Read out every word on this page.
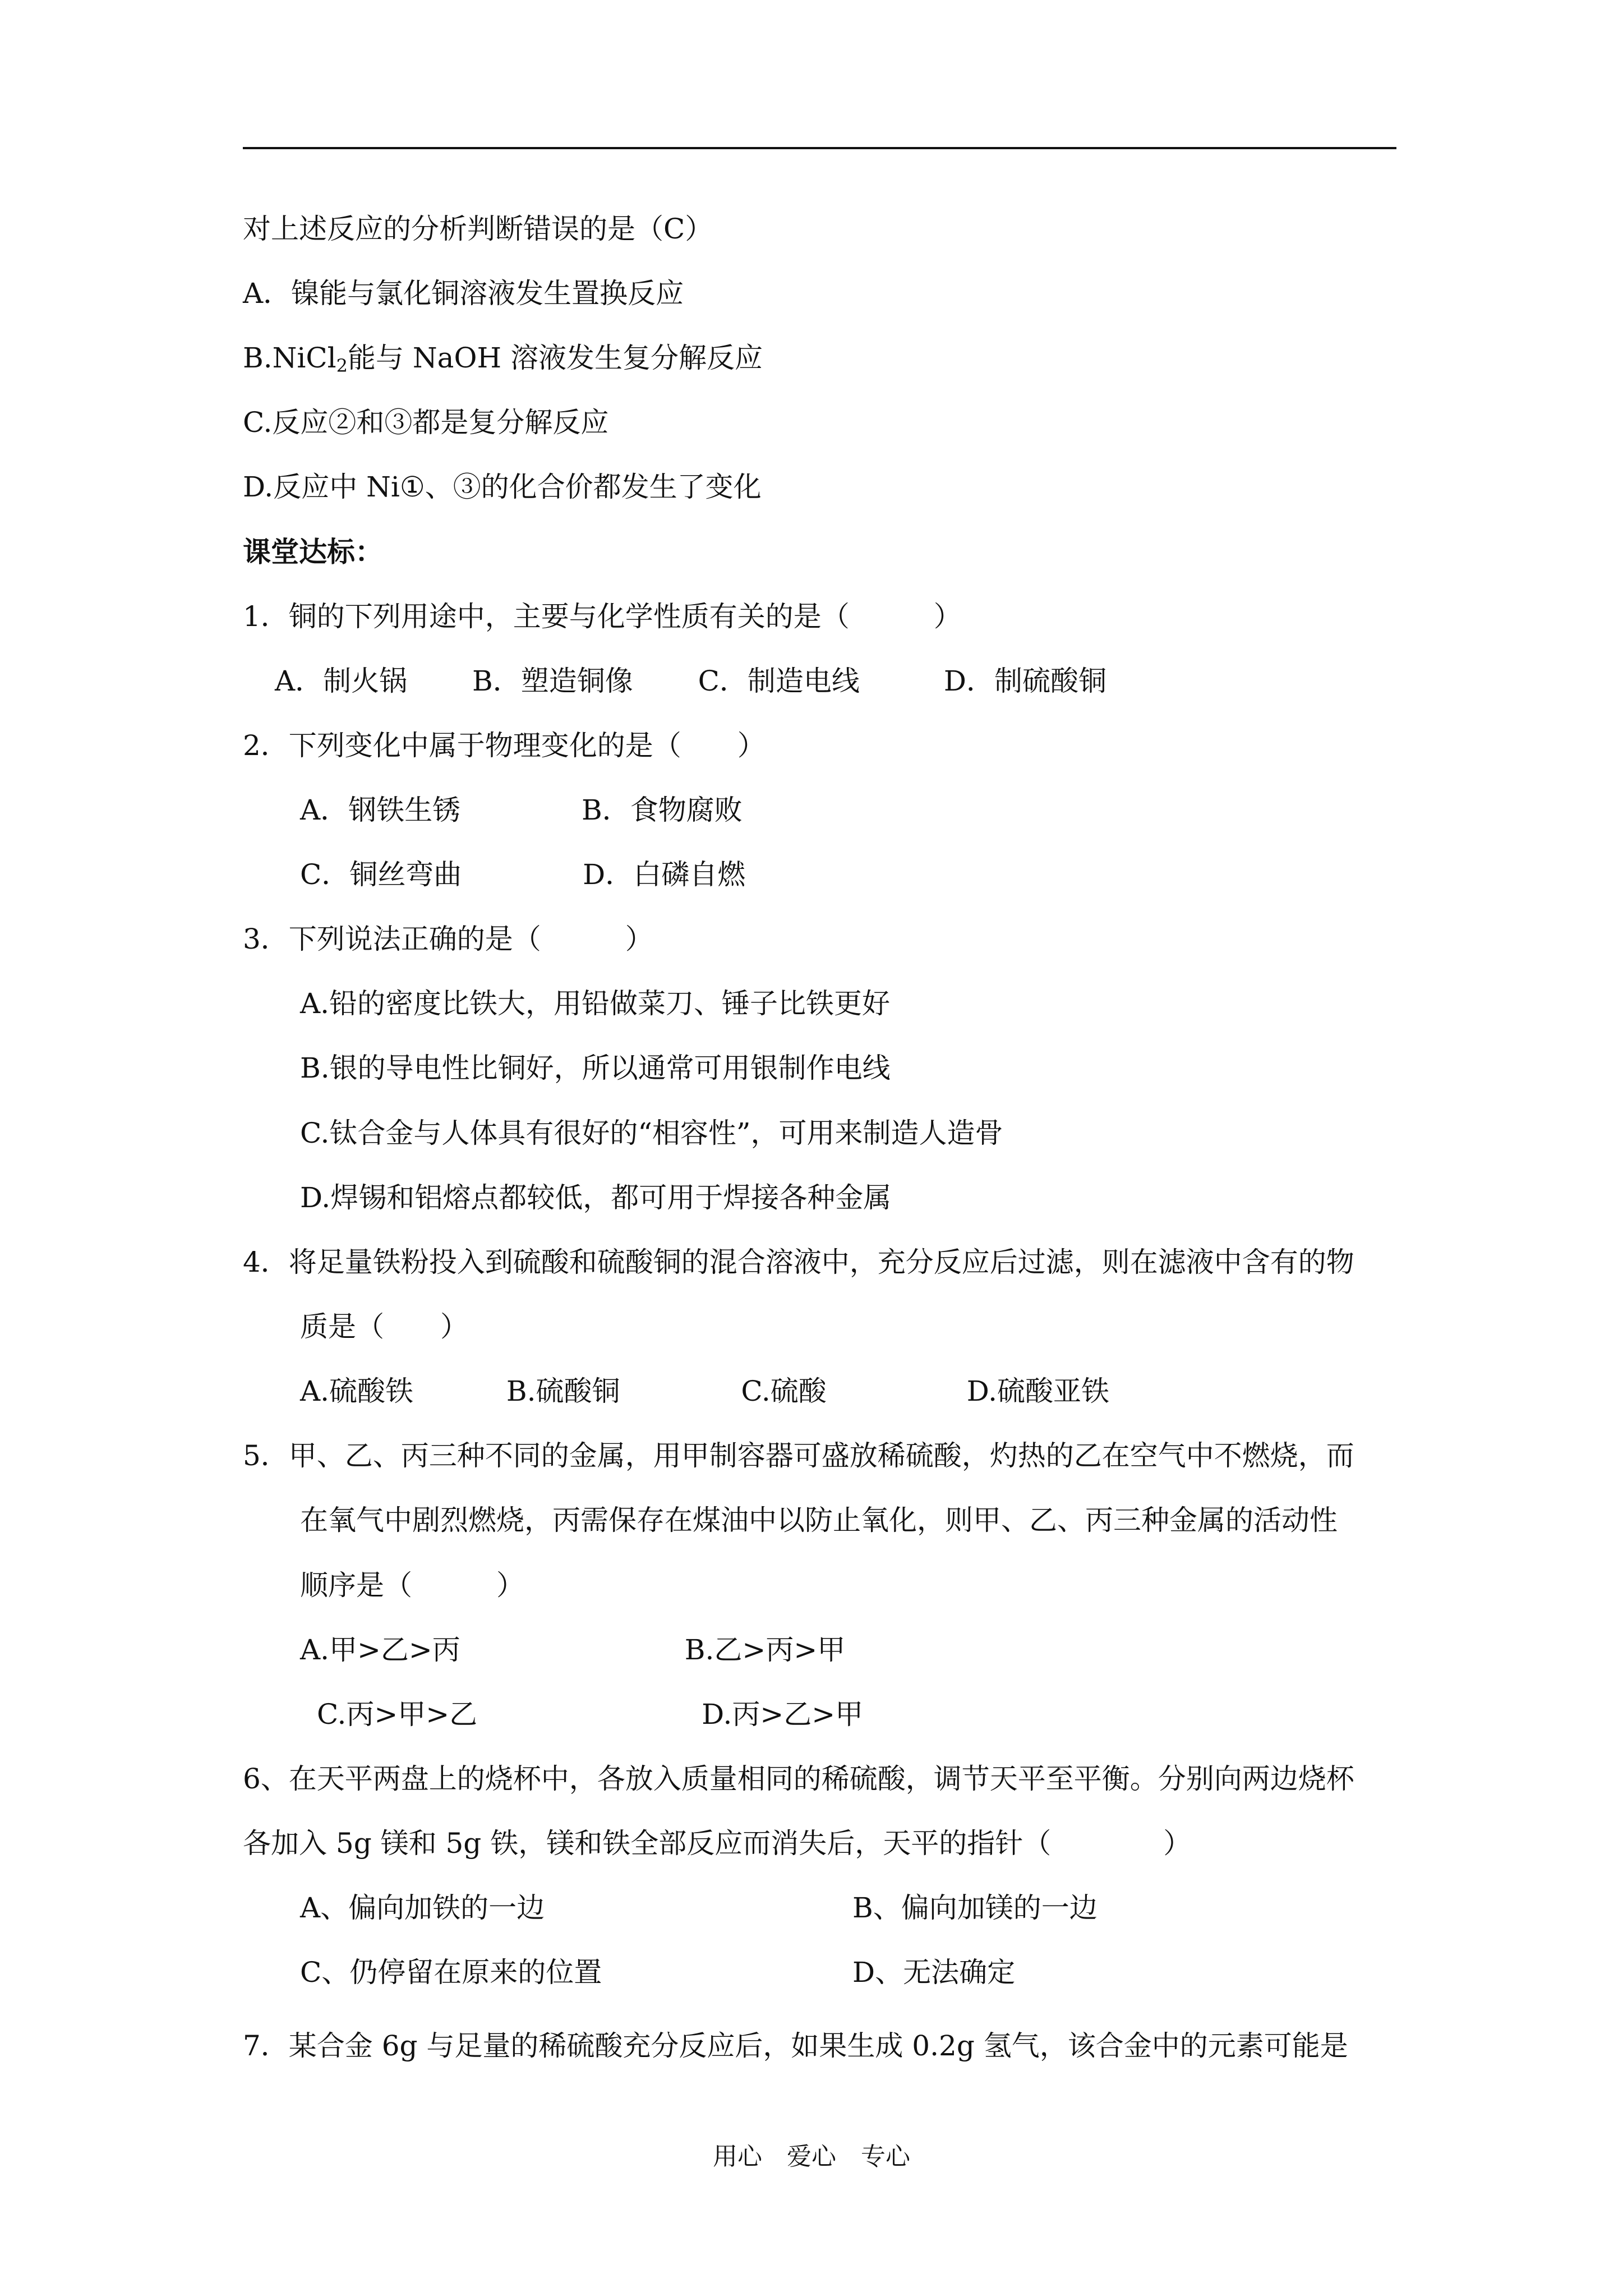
对上述反应的分析判断错误的是（C）
A．镍能与氯化铜溶液发生置换反应
B.NiCl$_2$能与 NaOH 溶液发生复分解反应
C.反应②和③都是复分解反应
D.反应中 Ni①、③的化合价都发生了变化
课堂达标：
1．铜的下列用途中，主要与化学性质有关的是（　　　）
A．制火锅　　 B．塑造铜像　　 C．制造电线　　　D．制硫酸铜
2．下列变化中属于物理变化的是（　　）
A．钢铁生锈　　　　 B．食物腐败
C．铜丝弯曲　　　　 D．白磷自燃
3．下列说法正确的是（　　　）
A.铅的密度比铁大，用铅做菜刀、锤子比铁更好
B.银的导电性比铜好，所以通常可用银制作电线
C.钛合金与人体具有很好的“相容性”，可用来制造人造骨
D.焊锡和铝熔点都较低，都可用于焊接各种金属
4．将足量铁粉投入到硫酸和硫酸铜的混合溶液中，充分反应后过滤，则在滤液中含有的物
质是（　　）
A.硫酸铁　　　 B.硫酸铜　　　　 C.硫酸　　　　　D.硫酸亚铁
5．甲、乙、丙三种不同的金属，用甲制容器可盛放稀硫酸，灼热的乙在空气中不燃烧，而
在氧气中剧烈燃烧，丙需保存在煤油中以防止氧化，则甲、乙、丙三种金属的活动性
顺序是（　　　）
A.甲>乙>丙　　　　　　　　B.乙>丙>甲
C.丙>甲>乙　　　　　　　　D.丙>乙>甲
6、在天平两盘上的烧杯中，各放入质量相同的稀硫酸，调节天平至平衡。分别向两边烧杯
各加入 5g 镁和 5g 铁，镁和铁全部反应而消失后，天平的指针（　　　　）
A、偏向加铁的一边	B、偏向加镁的一边
C、仍停留在原来的位置	D、无法确定
7．某合金 6g 与足量的稀硫酸充分反应后，如果生成 0.2g 氢气，该合金中的元素可能是
用心　爱心　专心
